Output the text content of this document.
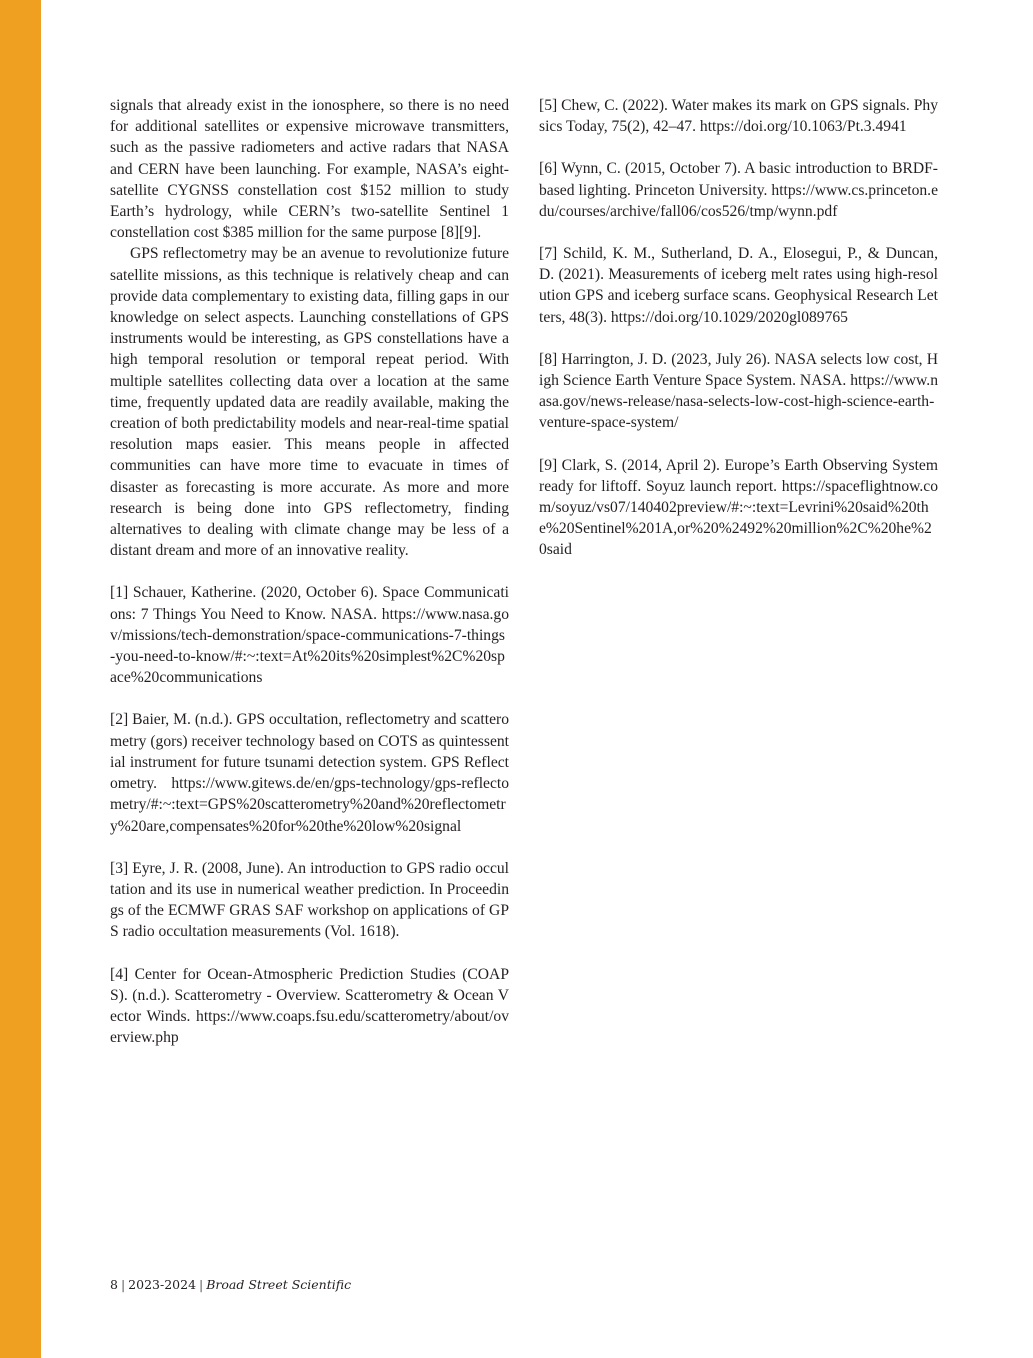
signals that already exist in the ionosphere, so there is no need for additional satellites or expensive microwave transmitters, such as the passive radiometers and active radars that NASA and CERN have been launching. For example, NASA’s eight-satellite CYGNSS constellation cost $152 million to study Earth’s hydrology, while CERN’s two-satellite Sentinel 1 constellation cost $385 million for the same purpose [8][9].

GPS reflectometry may be an avenue to revolutionize future satellite missions, as this technique is relatively cheap and can provide data complementary to existing data, filling gaps in our knowledge on select aspects. Launching constellations of GPS instruments would be interesting, as GPS constellations have a high temporal resolution or temporal repeat period. With multiple satellites collecting data over a location at the same time, frequently updated data are readily available, making the creation of both predictability models and near-real-time spatial resolution maps easier. This means people in affected communities can have more time to evacuate in times of disaster as forecasting is more accurate. As more and more research is being done into GPS reflectometry, finding alternatives to dealing with climate change may be less of a distant dream and more of an innovative reality.

[1] Schauer, Katherine. (2020, October 6). Space Communications: 7 Things You Need to Know. NASA. https://www.nasa.gov/missions/tech-demonstration/space-communications-7-things-you-need-to-know/#:~:text=At%20its%20simplest%2C%20space%20communications

[2] Baier, M. (n.d.). GPS occultation, reflectometry and scatterometry (gors) receiver technology based on COTS as quintessential instrument for future tsunami detection system. GPS Reflectometry. https://www.gitews.de/en/gps-technology/gps-reflectometry/#:~:text=GPS%20scatterometry%20and%20reflectometry%20are,compensates%20for%20the%20low%20signal

[3] Eyre, J. R. (2008, June). An introduction to GPS radio occultation and its use in numerical weather prediction. In Proceedings of the ECMWF GRAS SAF workshop on applications of GPS radio occultation measurements (Vol. 1618).

[4] Center for Ocean-Atmospheric Prediction Studies (COAPS). (n.d.). Scatterometry - Overview. Scatterometry & Ocean Vector Winds. https://www.coaps.fsu.edu/scatterometry/about/overview.php

[5] Chew, C. (2022). Water makes its mark on GPS signals. Physics Today, 75(2), 42–47. https://doi.org/10.1063/Pt.3.4941

[6] Wynn, C. (2015, October 7). A basic introduction to BRDF-based lighting. Princeton University. https://www.cs.princeton.edu/courses/archive/fall06/cos526/tmp/wynn.pdf

[7] Schild, K. M., Sutherland, D. A., Elosegui, P., & Duncan, D. (2021). Measurements of iceberg melt rates using high-resolution GPS and iceberg surface scans. Geophysical Research Letters, 48(3). https://doi.org/10.1029/2020gl089765

[8] Harrington, J. D. (2023, July 26). NASA selects low cost, High Science Earth Venture Space System. NASA. https://www.nasa.gov/news-release/nasa-selects-low-cost-high-science-earth-venture-space-system/

[9] Clark, S. (2014, April 2). Europe’s Earth Observing System ready for liftoff. Soyuz launch report. https://spaceflightnow.com/soyuz/vs07/140402preview/#:~:text=Levrini%20said%20the%20Sentinel%201A,or%20%2492%20million%2C%20he%20said

8 | 2023-2024 | Broad Street Scientific
